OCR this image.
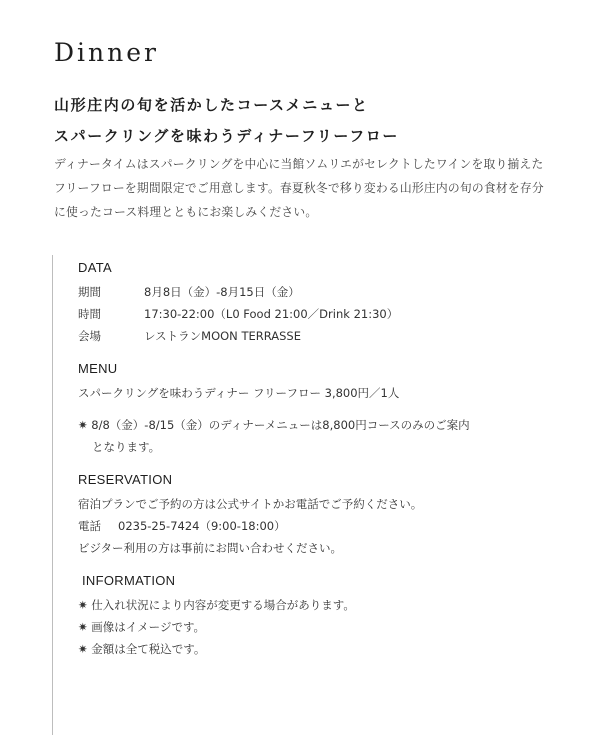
Dinner
山形庄内の旬を活かしたコースメニューと
スパークリングを味わうディナーフリーフロー
ディナータイムはスパークリングを中心に当館ソムリエがセレクトしたワインを取り揃えたフリーフローを期間限定でご用意します。春夏秋冬で移り変わる山形庄内の旬の食材を存分に使ったコース料理とともにお楽しみください。
DATA
期間	8月8日（金）-8月15日（金）
時間	17:30-22:00（L0 Food 21:00／Drink 21:30）
会場	レストランMOON TERRASSE
MENU
スパークリングを味わうディナー フリーフロー 3,800円／1人
✷ 8/8（金）-8/15（金）のディナーメニューは8,800円コースのみのご案内
となります。
RESERVATION
宿泊プランでご予約の方は公式サイトかお電話でご予約ください。
電話 0235-25-7424（9:00-18:00）
ビジター利用の方は事前にお問い合わせください。
INFORMATION
✷ 仕入れ状況により内容が変更する場合があります。
✷ 画像はイメージです。
✷ 金額は全て税込です。
